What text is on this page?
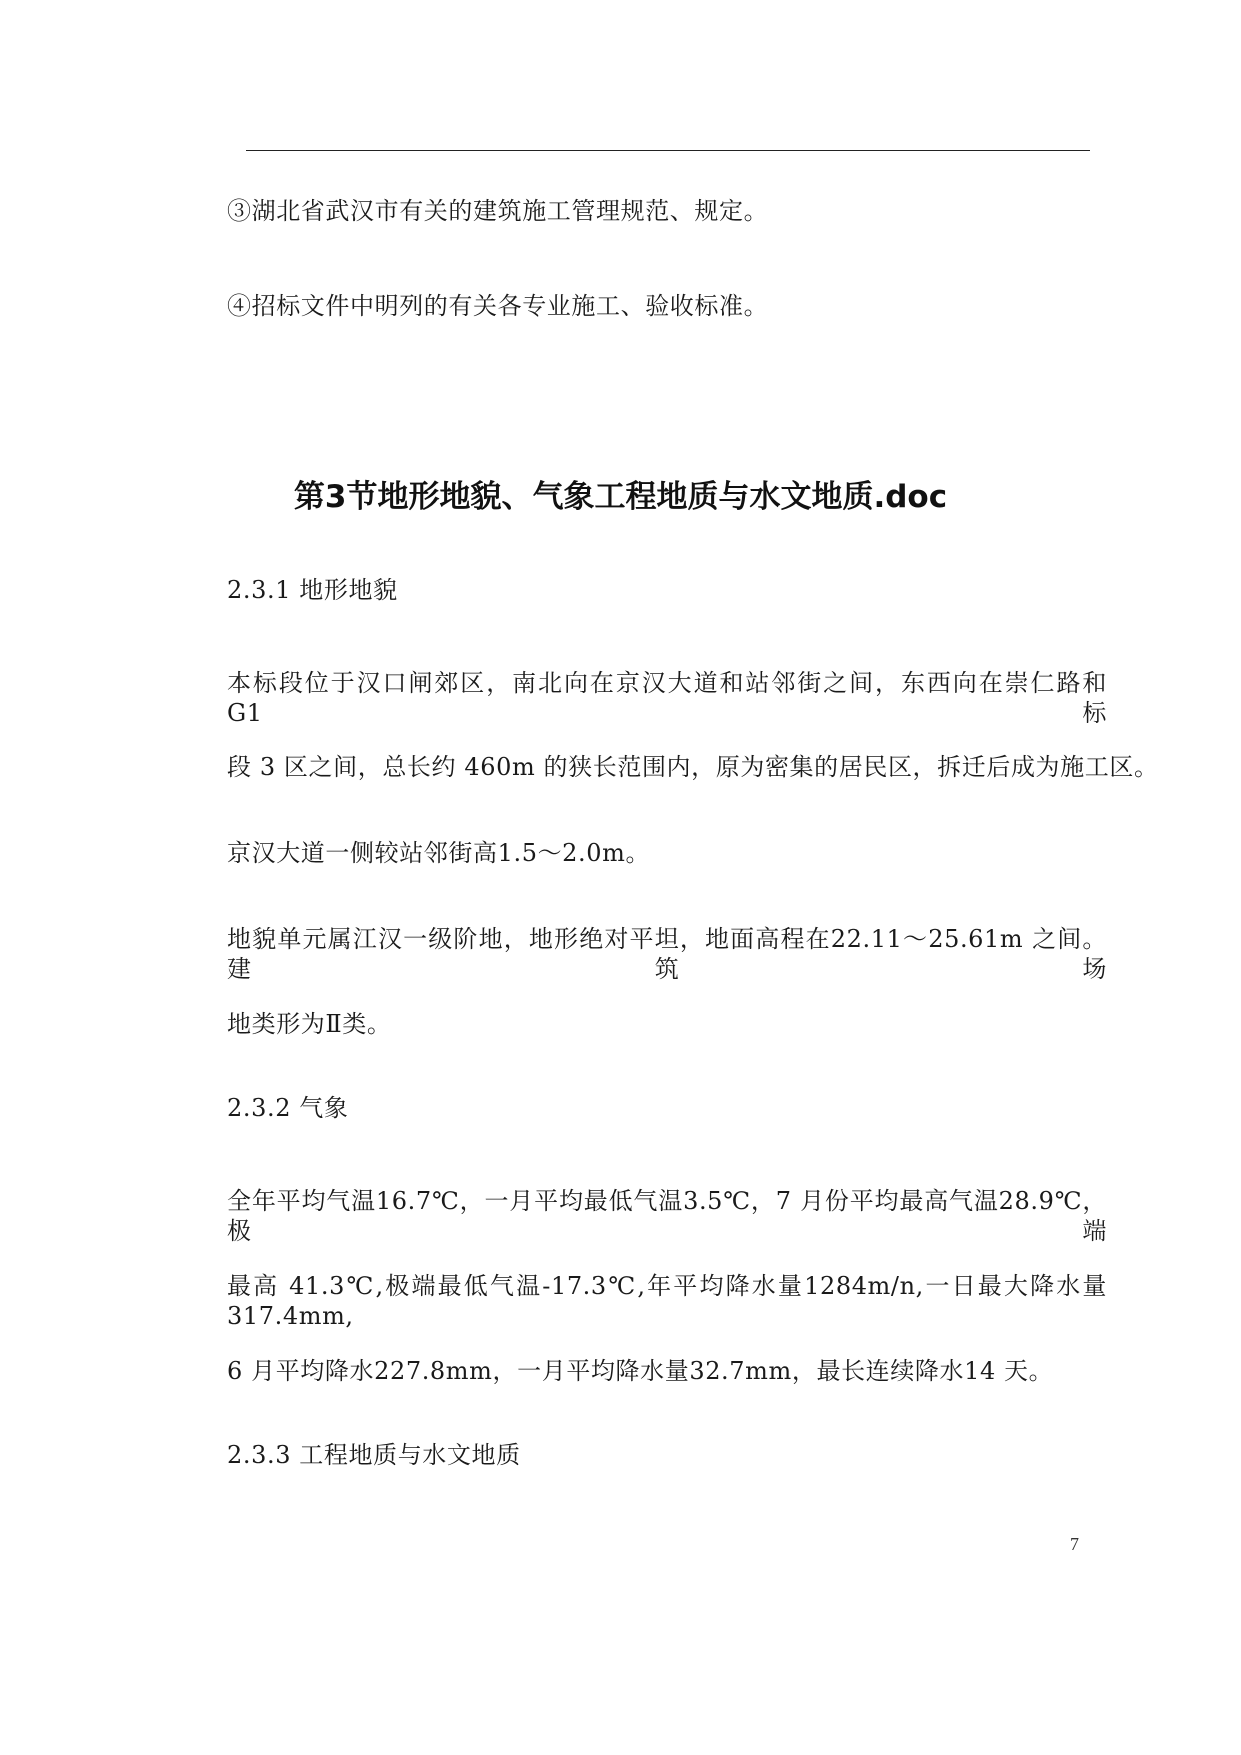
③湖北省武汉市有关的建筑施工管理规范、规定。
④招标文件中明列的有关各专业施工、验收标准。
第3节地形地貌、气象工程地质与水文地质.doc
2.3.1 地形地貌
本标段位于汉口闸郊区，南北向在京汉大道和站邻街之间，东西向在崇仁路和 G1 标
段 3 区之间，总长约 460m 的狭长范围内，原为密集的居民区，拆迁后成为施工区。
京汉大道一侧较站邻街高1.5～2.0m。
地貌单元属江汉一级阶地，地形绝对平坦，地面高程在22.11～25.61m 之间。建筑场
地类形为Ⅱ类。
2.3.2 气象
全年平均气温16.7℃，一月平均最低气温3.5℃，7 月份平均最高气温28.9℃，极端
最高 41.3℃,极端最低气温-17.3℃,年平均降水量1284m/n,一日最大降水量317.4mm,
6 月平均降水227.8mm，一月平均降水量32.7mm，最长连续降水14 天。
2.3.3 工程地质与水文地质
7
